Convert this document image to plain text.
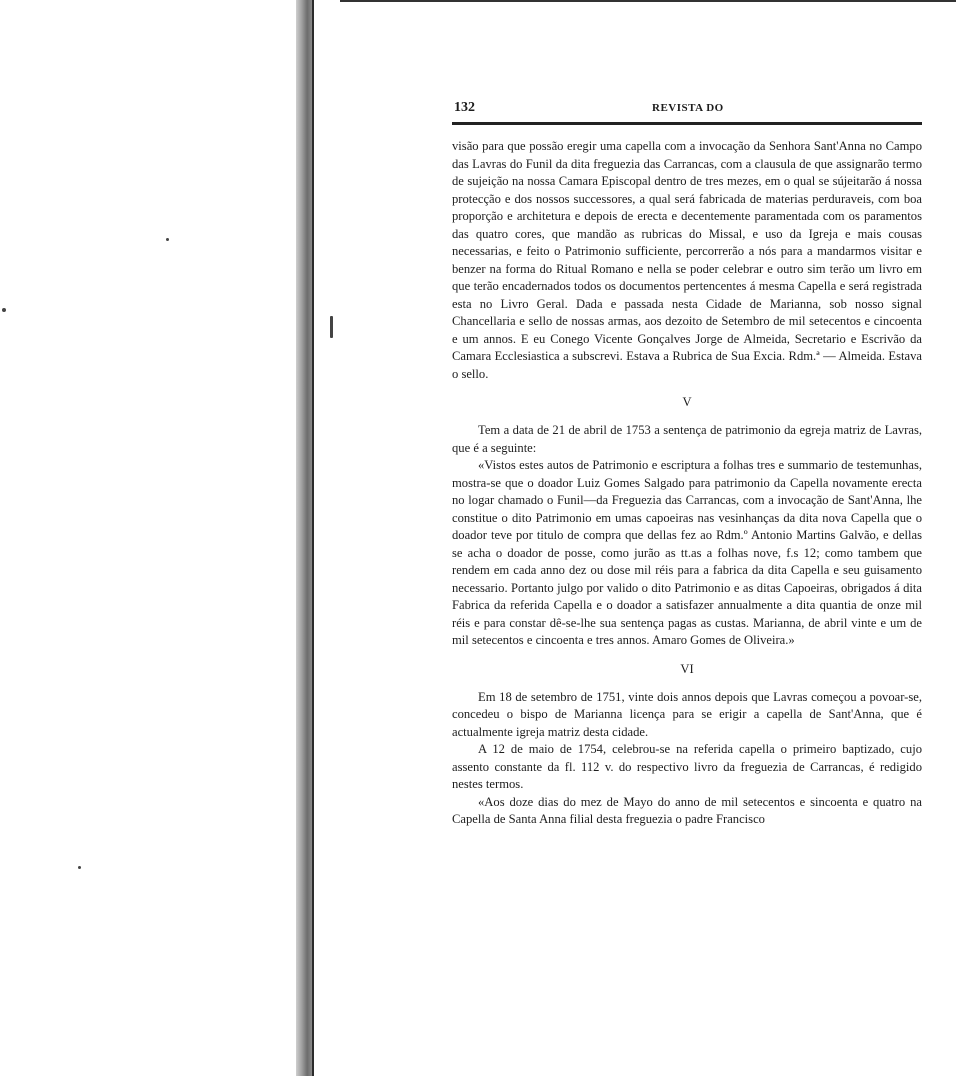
132	REVISTA DO

visão para que possão eregir uma capella com a invocação da Senhora Sant'Anna no Campo das Lavras do Funil da dita freguezia das Carrancas, com a clausula de que assignarão termo de sujeição na nossa Camara Episcopal dentro de tres mezes, em o qual se sújeitarão á nossa protecção e dos nossos successores, a qual será fabricada de materias perduraveis, com boa proporção e architetura e depois de erecta e decentemente paramentada com os paramentos das quatro cores, que mandão as rubricas do Missal, e uso da Igreja e mais cousas necessarias, e feito o Patrimonio sufficiente, percorrerão a nós para a mandarmos visitar e benzer na forma do Ritual Romano e nella se poder celebrar e outro sim terão um livro em que terão encadernados todos os documentos pertencentes á mesma Capella e será registrada esta no Livro Geral. Dada e passada nesta Cidade de Marianna, sob nosso signal Chancellaria e sello de nossas armas, aos dezoito de Setembro de mil setecentos e cincoenta e um annos. E eu Conego Vicente Gonçalves Jorge de Almeida, Secretario e Escrivão da Camara Ecclesiastica a subscrevi. Estava a Rubrica de Sua Excia. Rdm.ª — Almeida. Estava o sello.

V

Tem a data de 21 de abril de 1753 a sentença de patrimonio da egreja matriz de Lavras, que é a seguinte:

«Vistos estes autos de Patrimonio e escriptura a folhas tres e summario de testemunhas, mostra-se que o doador Luiz Gomes Salgado para patrimonio da Capella novamente erecta no logar chamado o Funil—da Freguezia das Carrancas, com a invocação de Sant'Anna, lhe constitue o dito Patrimonio em umas capoeiras nas vesinhanças da dita nova Capella que o doador teve por titulo de compra que dellas fez ao Rdm.º Antonio Martins Galvão, e dellas se acha o doador de posse, como jurão as tt.as a folhas nove, f.s 12; como tambem que rendem em cada anno dez ou dose mil réis para a fabrica da dita Capella e seu guisamento necessario. Portanto julgo por valido o dito Patrimonio e as ditas Capoeiras, obrigados á dita Fabrica da referida Capella e o doador a satisfazer annualmente a dita quantia de onze mil réis e para constar dê-se-lhe sua sentença pagas as custas. Marianna, de abril vinte e um de mil setecentos e cincoenta e tres annos. Amaro Gomes de Oliveira.»

VI

Em 18 de setembro de 1751, vinte dois annos depois que Lavras começou a povoar-se, concedeu o bispo de Marianna licença para se erigir a capella de Sant'Anna, que é actualmente igreja matriz desta cidade.

A 12 de maio de 1754, celebrou-se na referida capella o primeiro baptizado, cujo assento constante da fl. 112 v. do respectivo livro da freguezia de Carrancas, é redigido nestes termos.

«Aos doze dias do mez de Mayo do anno de mil setecentos e sincoenta e quatro na Capella de Santa Anna filial desta freguezia o padre Francisco
